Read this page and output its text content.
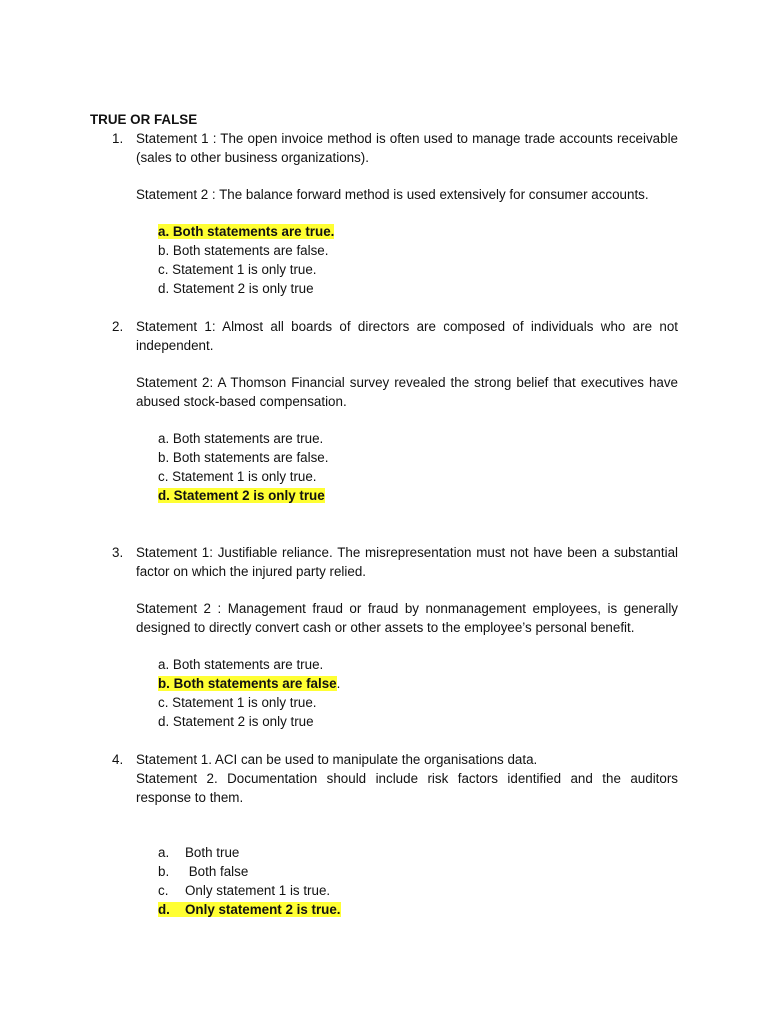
TRUE OR FALSE
1. Statement 1 : The open invoice method is often used to manage trade accounts receivable (sales to other business organizations).

Statement 2 : The balance forward method is used extensively for consumer accounts.

a. Both statements are true.
b. Both statements are false.
c. Statement 1 is only true.
d. Statement 2 is only true
2. Statement 1: Almost all boards of directors are composed of individuals who are not independent.

Statement 2: A Thomson Financial survey revealed the strong belief that executives have abused stock-based compensation.

a. Both statements are true.
b. Both statements are false.
c. Statement 1 is only true.
d. Statement 2 is only true
3. Statement 1: Justifiable reliance. The misrepresentation must not have been a substantial factor on which the injured party relied.

Statement 2 : Management fraud or fraud by nonmanagement employees, is generally designed to directly convert cash or other assets to the employee’s personal benefit.

a. Both statements are true.
b. Both statements are false.
c. Statement 1 is only true.
d. Statement 2 is only true
4. Statement 1. ACI can be used to manipulate the organisations data.

Statement 2. Documentation should include risk factors identified and the auditors response to them.

a. Both true
b. Both false
c. Only statement 1 is true.
d. Only statement 2 is true.
